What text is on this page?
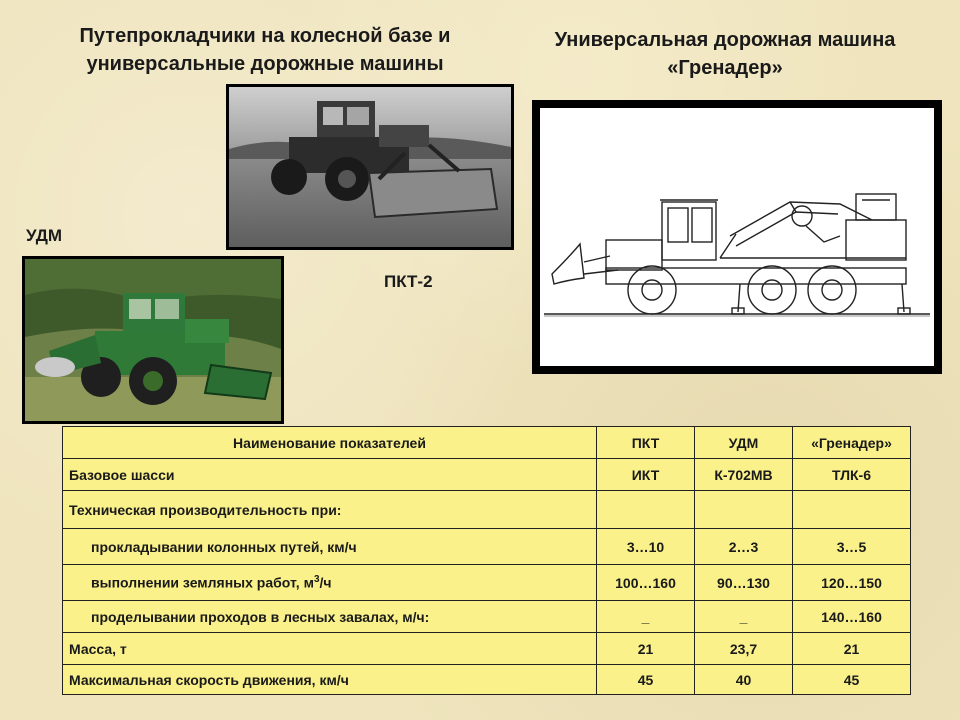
Путепрокладчики на колесной базе и универсальные дорожные машины
Универсальная дорожная машина «Гренадер»
УДМ
ПКТ-2
Наименование показателей	ПКТ	УДМ	«Гренадер»
Базовое шасси	ИКТ	К-702МВ	ТЛК-6
Техническая производительность при:			
прокладывании колонных путей, км/ч	3…10	2…3	3…5
выполнении земляных работ, $м^3/ч$	100…160	90…130	120…150
проделывании проходов в лесных завалах, м/ч:	_	_	140…160
Масса, т	21	23,7	21
Максимальная скорость движения, км/ч	45	40	45
